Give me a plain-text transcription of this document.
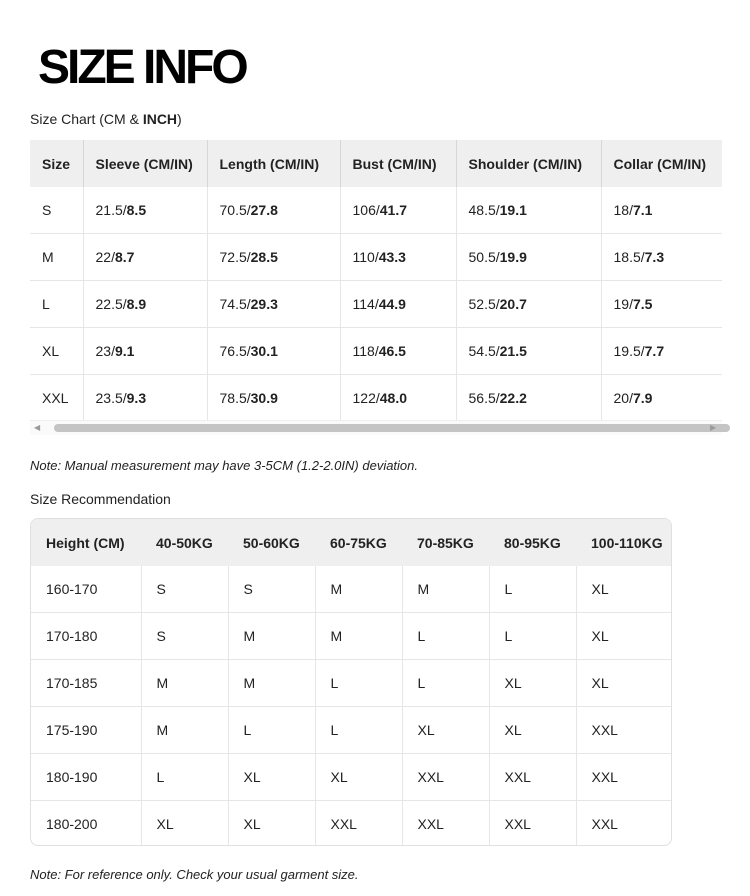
SIZE INFO
Size Chart (CM & INCH)
Size	Sleeve (CM/IN)	Length (CM/IN)	Bust (CM/IN)	Shoulder (CM/IN)	Collar (CM/IN)
S	21.5/8.5	70.5/27.8	106/41.7	48.5/19.1	18/7.1
M	22/8.7	72.5/28.5	110/43.3	50.5/19.9	18.5/7.3
L	22.5/8.9	74.5/29.3	114/44.9	52.5/20.7	19/7.5
XL	23/9.1	76.5/30.1	118/46.5	54.5/21.5	19.5/7.7
XXL	23.5/9.3	78.5/30.9	122/48.0	56.5/22.2	20/7.9
◀	▶
Note: Manual measurement may have 3-5CM (1.2-2.0IN) deviation.
Size Recommendation
Height (CM)	40-50KG	50-60KG	60-75KG	70-85KG	80-95KG	100-110KG
160-170	S	S	M	M	L	XL
170-180	S	M	M	L	L	XL
170-185	M	M	L	L	XL	XL
175-190	M	L	L	XL	XL	XXL
180-190	L	XL	XL	XXL	XXL	XXL
180-200	XL	XL	XXL	XXL	XXL	XXL
Note: For reference only. Check your usual garment size.
